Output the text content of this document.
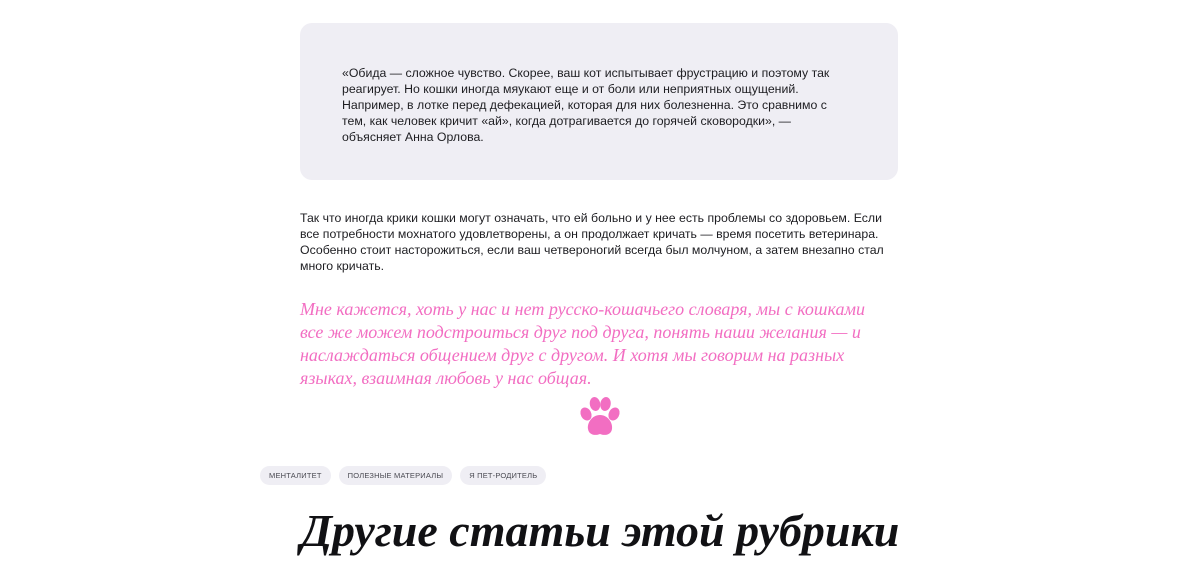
«Обида — сложное чувство. Скорее, ваш кот испытывает фрустрацию и поэтому так реагирует. Но кошки иногда мяукают еще и от боли или неприятных ощущений. Например, в лотке перед дефекацией, которая для них болезненна. Это сравнимо с тем, как человек кричит «ай», когда дотрагивается до горячей сковородки», — объясняет Анна Орлова.

Так что иногда крики кошки могут означать, что ей больно и у нее есть проблемы со здоровьем. Если все потребности мохнатого удовлетворены, а он продолжает кричать — время посетить ветеринара. Особенно стоит насторожиться, если ваш четвероногий всегда был молчуном, а затем внезапно стал много кричать.

Мне кажется, хоть у нас и нет русско-кошачьего словаря, мы с кошками все же можем подстроиться друг под друга, понять наши желания — и наслаждаться общением друг с другом. И хотя мы говорим на разных языках, взаимная любовь у нас общая.

МЕНТАЛИТЕТ	ПОЛЕЗНЫЕ МАТЕРИАЛЫ	Я ПЕТ-РОДИТЕЛЬ
Другие статьи этой рубрики
